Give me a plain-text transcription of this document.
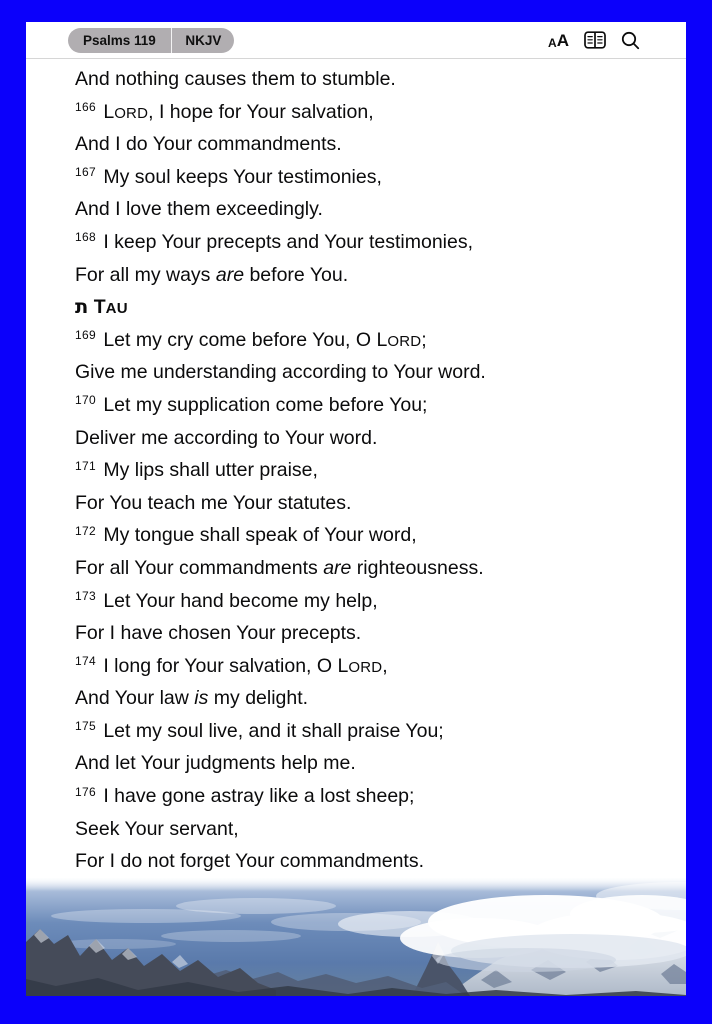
Psalms 119	NKJV	A A
And nothing causes them to stumble.
$^{166}$ LORD, I hope for Your salvation,
And I do Your commandments.
$^{167}$ My soul keeps Your testimonies,
And I love them exceedingly.
$^{168}$ I keep Your precepts and Your testimonies,
For all my ways are before You.
ת TAU
$^{169}$ Let my cry come before You, O LORD;
Give me understanding according to Your word.
$^{170}$ Let my supplication come before You;
Deliver me according to Your word.
$^{171}$ My lips shall utter praise,
For You teach me Your statutes.
$^{172}$ My tongue shall speak of Your word,
For all Your commandments are righteousness.
$^{173}$ Let Your hand become my help,
For I have chosen Your precepts.
$^{174}$ I long for Your salvation, O LORD,
And Your law is my delight.
$^{175}$ Let my soul live, and it shall praise You;
And let Your judgments help me.
$^{176}$ I have gone astray like a lost sheep;
Seek Your servant,
For I do not forget Your commandments.
